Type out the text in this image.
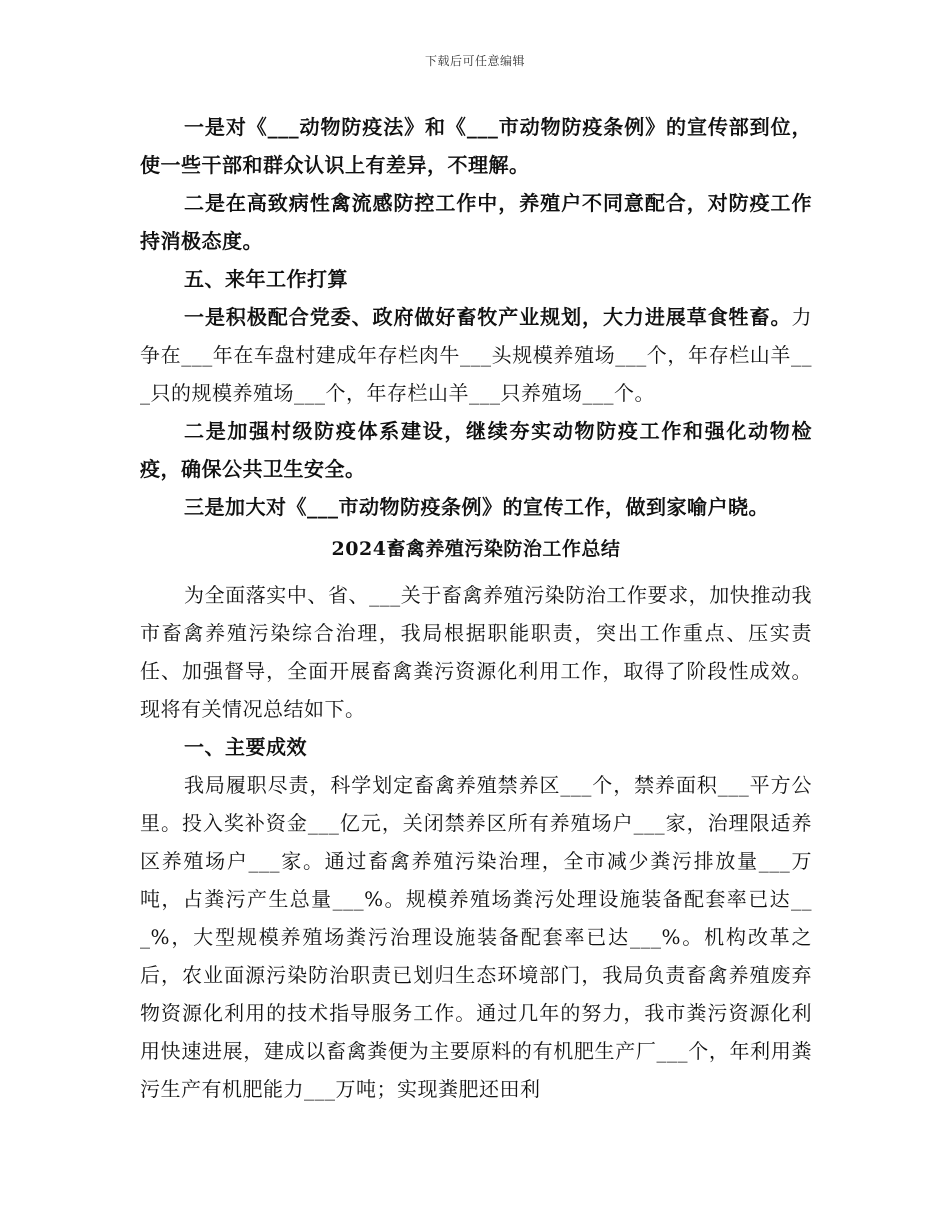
下载后可任意编辑

一是对《___动物防疫法》和《___市动物防疫条例》的宣传部到位，使一些干部和群众认识上有差异，不理解。

二是在高致病性禽流感防控工作中，养殖户不同意配合，对防疫工作持消极态度。

五、来年工作打算

一是积极配合党委、政府做好畜牧产业规划，大力进展草食牲畜。力争在___年在车盘村建成年存栏肉牛___头规模养殖场___个，年存栏山羊___只的规模养殖场___个，年存栏山羊___只养殖场___个。

二是加强村级防疫体系建设，继续夯实动物防疫工作和强化动物检疫，确保公共卫生安全。

三是加大对《___市动物防疫条例》的宣传工作，做到家喻户晓。

2024畜禽养殖污染防治工作总结

为全面落实中、省、___关于畜禽养殖污染防治工作要求，加快推动我市畜禽养殖污染综合治理，我局根据职能职责，突出工作重点、压实责任、加强督导，全面开展畜禽粪污资源化利用工作，取得了阶段性成效。现将有关情况总结如下。

一、主要成效

我局履职尽责，科学划定畜禽养殖禁养区___个，禁养面积___平方公里。投入奖补资金___亿元，关闭禁养区所有养殖场户___家，治理限适养区养殖场户___家。通过畜禽养殖污染治理，全市减少粪污排放量___万吨，占粪污产生总量___%。规模养殖场粪污处理设施装备配套率已达___%，大型规模养殖场粪污治理设施装备配套率已达___%。机构改革之后，农业面源污染防治职责已划归生态环境部门，我局负责畜禽养殖废弃物资源化利用的技术指导服务工作。通过几年的努力，我市粪污资源化利用快速进展，建成以畜禽粪便为主要原料的有机肥生产厂___个，年利用粪污生产有机肥能力___万吨；实现粪肥还田利
